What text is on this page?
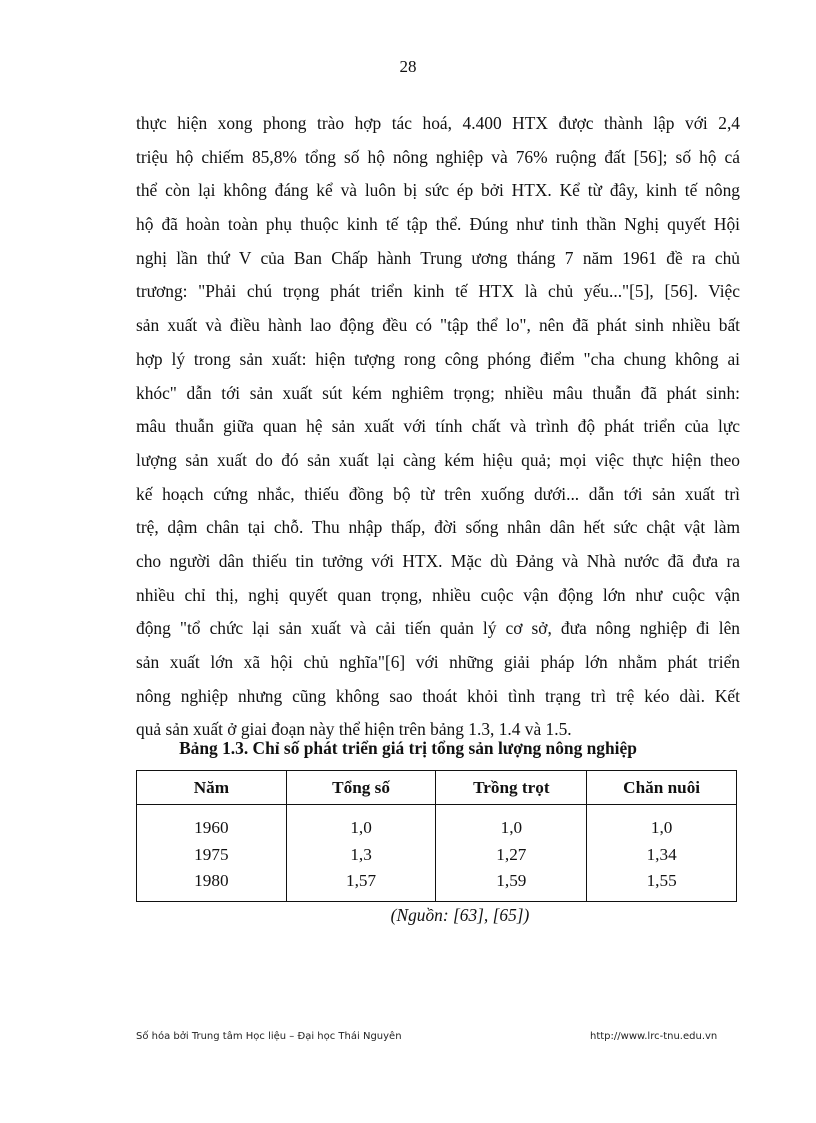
28
thực hiện xong phong trào hợp tác hoá, 4.400 HTX được thành lập với 2,4
triệu hộ chiếm 85,8% tổng số hộ nông nghiệp và 76% ruộng đất [56]; số hộ cá
thể còn lại không đáng kể và luôn bị sức ép bởi HTX. Kể từ đây, kinh tế nông
hộ đã hoàn toàn phụ thuộc kinh tế tập thể. Đúng như tinh thần Nghị quyết Hội
nghị lần thứ V của Ban Chấp hành Trung ương tháng 7 năm 1961 đề ra chủ
trương: "Phải chú trọng phát triển kinh tế HTX là chủ yếu..."[5], [56]. Việc
sản xuất và điều hành lao động đều có "tập thể lo", nên đã phát sinh nhiều bất
hợp lý trong sản xuất: hiện tượng rong công phóng điểm "cha chung không ai
khóc" dẫn tới sản xuất sút kém nghiêm trọng; nhiều mâu thuẫn đã phát sinh:
mâu thuẫn giữa quan hệ sản xuất với tính chất và trình độ phát triển của lực
lượng sản xuất do đó sản xuất lại càng kém hiệu quả; mọi việc thực hiện theo
kế hoạch cứng nhắc, thiếu đồng bộ từ trên xuống dưới... dẫn tới sản xuất trì
trệ, dậm chân tại chỗ. Thu nhập thấp, đời sống nhân dân hết sức chật vật làm
cho người dân thiếu tin tưởng với HTX. Mặc dù Đảng và Nhà nước đã đưa ra
nhiều chỉ thị, nghị quyết quan trọng, nhiều cuộc vận động lớn như cuộc vận
động "tổ chức lại sản xuất và cải tiến quản lý cơ sở, đưa nông nghiệp đi lên
sản xuất lớn xã hội chủ nghĩa"[6] với những giải pháp lớn nhằm phát triển
nông nghiệp nhưng cũng không sao thoát khỏi tình trạng trì trệ kéo dài. Kết
quả sản xuất ở giai đoạn này thể hiện trên bảng 1.3, 1.4 và 1.5.
Bảng 1.3. Chỉ số phát triển giá trị tổng sản lượng nông nghiệp
Năm	Tổng số	Trồng trọt	Chăn nuôi
1960	1,0	1,0	1,0
1975	1,3	1,27	1,34
1980	1,57	1,59	1,55
(Nguồn: [63], [65])
Số hóa bởi Trung tâm Học liệu – Đại học Thái Nguyên	http://www.lrc-tnu.edu.vn
